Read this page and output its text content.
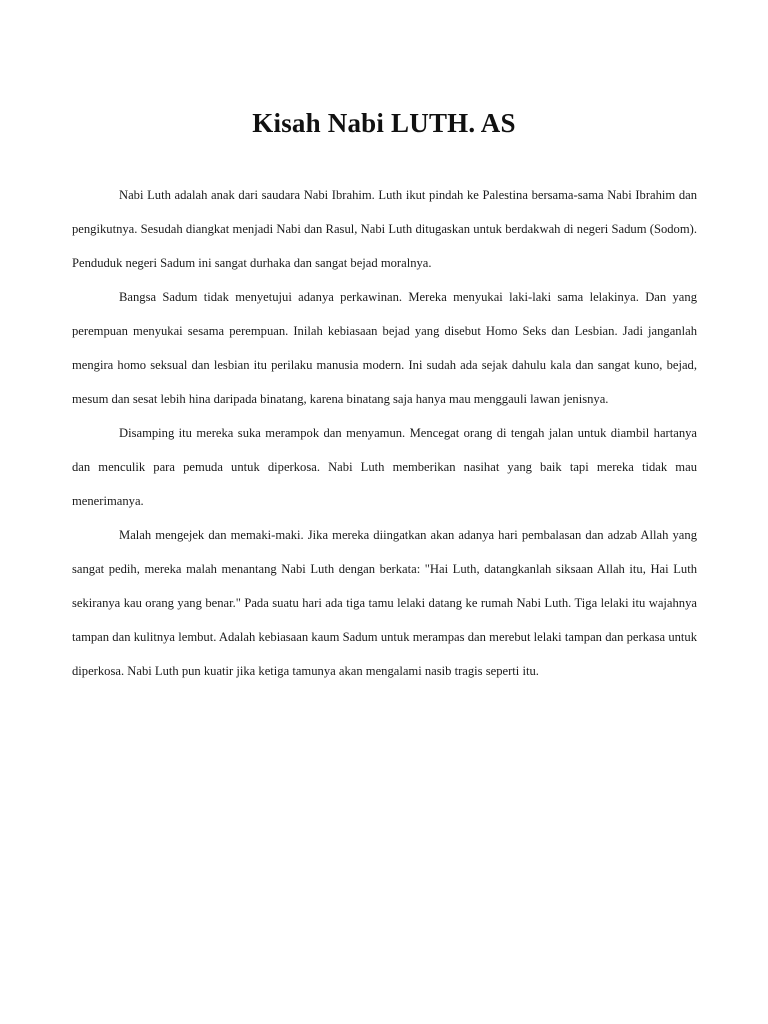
Kisah Nabi LUTH. AS

Nabi Luth adalah anak dari saudara Nabi Ibrahim. Luth ikut pindah ke Palestina bersama-sama Nabi Ibrahim dan pengikutnya. Sesudah diangkat menjadi Nabi dan Rasul, Nabi Luth ditugaskan untuk berdakwah di negeri Sadum (Sodom). Penduduk negeri Sadum ini sangat durhaka dan sangat bejad moralnya.

Bangsa Sadum tidak menyetujui adanya perkawinan. Mereka menyukai laki-laki sama lelakinya. Dan yang perempuan menyukai sesama perempuan. Inilah kebiasaan bejad yang disebut Homo Seks dan Lesbian. Jadi janganlah mengira homo seksual dan lesbian itu perilaku manusia modern. Ini sudah ada sejak dahulu kala dan sangat kuno, bejad, mesum dan sesat lebih hina daripada binatang, karena binatang saja hanya mau menggauli lawan jenisnya.

Disamping itu mereka suka merampok dan menyamun. Mencegat orang di tengah jalan untuk diambil hartanya dan menculik para pemuda untuk diperkosa. Nabi Luth memberikan nasihat yang baik tapi mereka tidak mau menerimanya.

Malah mengejek dan memaki-maki. Jika mereka diingatkan akan adanya hari pembalasan dan adzab Allah yang sangat pedih, mereka malah menantang Nabi Luth dengan berkata: "Hai Luth, datangkanlah siksaan Allah itu, Hai Luth sekiranya kau orang yang benar." Pada suatu hari ada tiga tamu lelaki datang ke rumah Nabi Luth. Tiga lelaki itu wajahnya tampan dan kulitnya lembut. Adalah kebiasaan kaum Sadum untuk merampas dan merebut lelaki tampan dan perkasa untuk diperkosa. Nabi Luth pun kuatir jika ketiga tamunya akan mengalami nasib tragis seperti itu.
